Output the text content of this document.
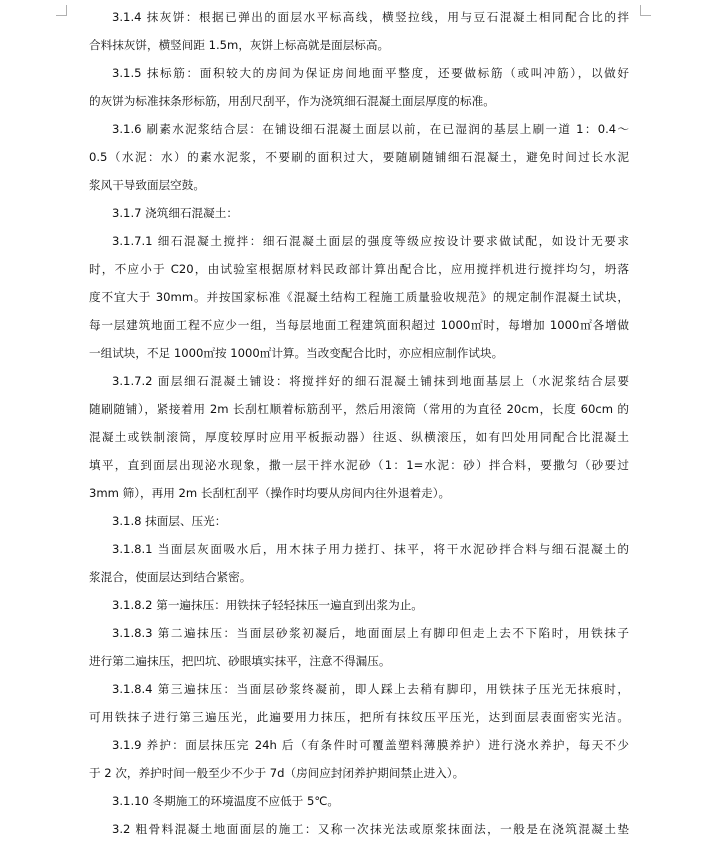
3.1.4 抹灰饼：根据已弹出的面层水平标高线，横竖拉线，用与豆石混凝土相同配合比的拌
合料抹灰饼，横竖间距 1.5m，灰饼上标高就是面层标高。
3.1.5 抹标筋：面积较大的房间为保证房间地面平整度，还要做标筋（或叫冲筋），以做好
的灰饼为标准抹条形标筋，用刮尺刮平，作为浇筑细石混凝土面层厚度的标准。
3.1.6 刷素水泥浆结合层：在铺设细石混凝土面层以前，在已湿润的基层上刷一道 1：0.4～
0.5（水泥：水）的素水泥浆，不要刷的面积过大，要随刷随铺细石混凝土，避免时间过长水泥
浆风干导致面层空鼓。
3.1.7 浇筑细石混凝土：
3.1.7.1 细石混凝土搅拌：细石混凝土面层的强度等级应按设计要求做试配，如设计无要求
时，不应小于 C20，由试验室根据原材料民政部计算出配合比，应用搅拌机进行搅拌均匀，坍落
度不宜大于 30mm。并按国家标准《混凝土结构工程施工质量验收规范》的规定制作混凝土试块，
每一层建筑地面工程不应少一组，当每层地面工程建筑面积超过 1000㎡时，每增加 1000㎡各增做
一组试块，不足 1000㎡按 1000㎡计算。当改变配合比时，亦应相应制作试块。
3.1.7.2 面层细石混凝土铺设：将搅拌好的细石混凝土铺抹到地面基层上（水泥浆结合层要
随刷随铺），紧接着用 2m 长刮杠顺着标筋刮平，然后用滚筒（常用的为直径 20cm，长度 60cm 的
混凝土或铁制滚筒，厚度较厚时应用平板振动器）往返、纵横滚压，如有凹处用同配合比混凝土
填平，直到面层出现泌水现象，撒一层干拌水泥砂（1：1=水泥：砂）拌合料，要撒匀（砂要过
3mm 筛），再用 2m 长刮杠刮平（操作时均要从房间内往外退着走）。
3.1.8 抹面层、压光：
3.1.8.1 当面层灰面吸水后，用木抹子用力搓打、抹平，将干水泥砂拌合料与细石混凝土的
浆混合，使面层达到结合紧密。
3.1.8.2 第一遍抹压：用铁抹子轻轻抹压一遍直到出浆为止。
3.1.8.3 第二遍抹压：当面层砂浆初凝后，地面面层上有脚印但走上去不下陷时，用铁抹子
进行第二遍抹压，把凹坑、砂眼填实抹平，注意不得漏压。
3.1.8.4 第三遍抹压：当面层砂浆终凝前，即人踩上去稍有脚印，用铁抹子压光无抹痕时，
可用铁抹子进行第三遍压光，此遍要用力抹压，把所有抹纹压平压光，达到面层表面密实光洁。
3.1.9 养护：面层抹压完 24h 后（有条件时可覆盖塑料薄膜养护）进行浇水养护，每天不少
于 2 次，养护时间一般至少不少于 7d（房间应封闭养护期间禁止进入）。
3.1.10 冬期施工的环境温度不应低于 5℃。
3.2 粗骨料混凝土地面面层的施工：又称一次抹光法或原浆抹面法，一般是在浇筑混凝土垫
